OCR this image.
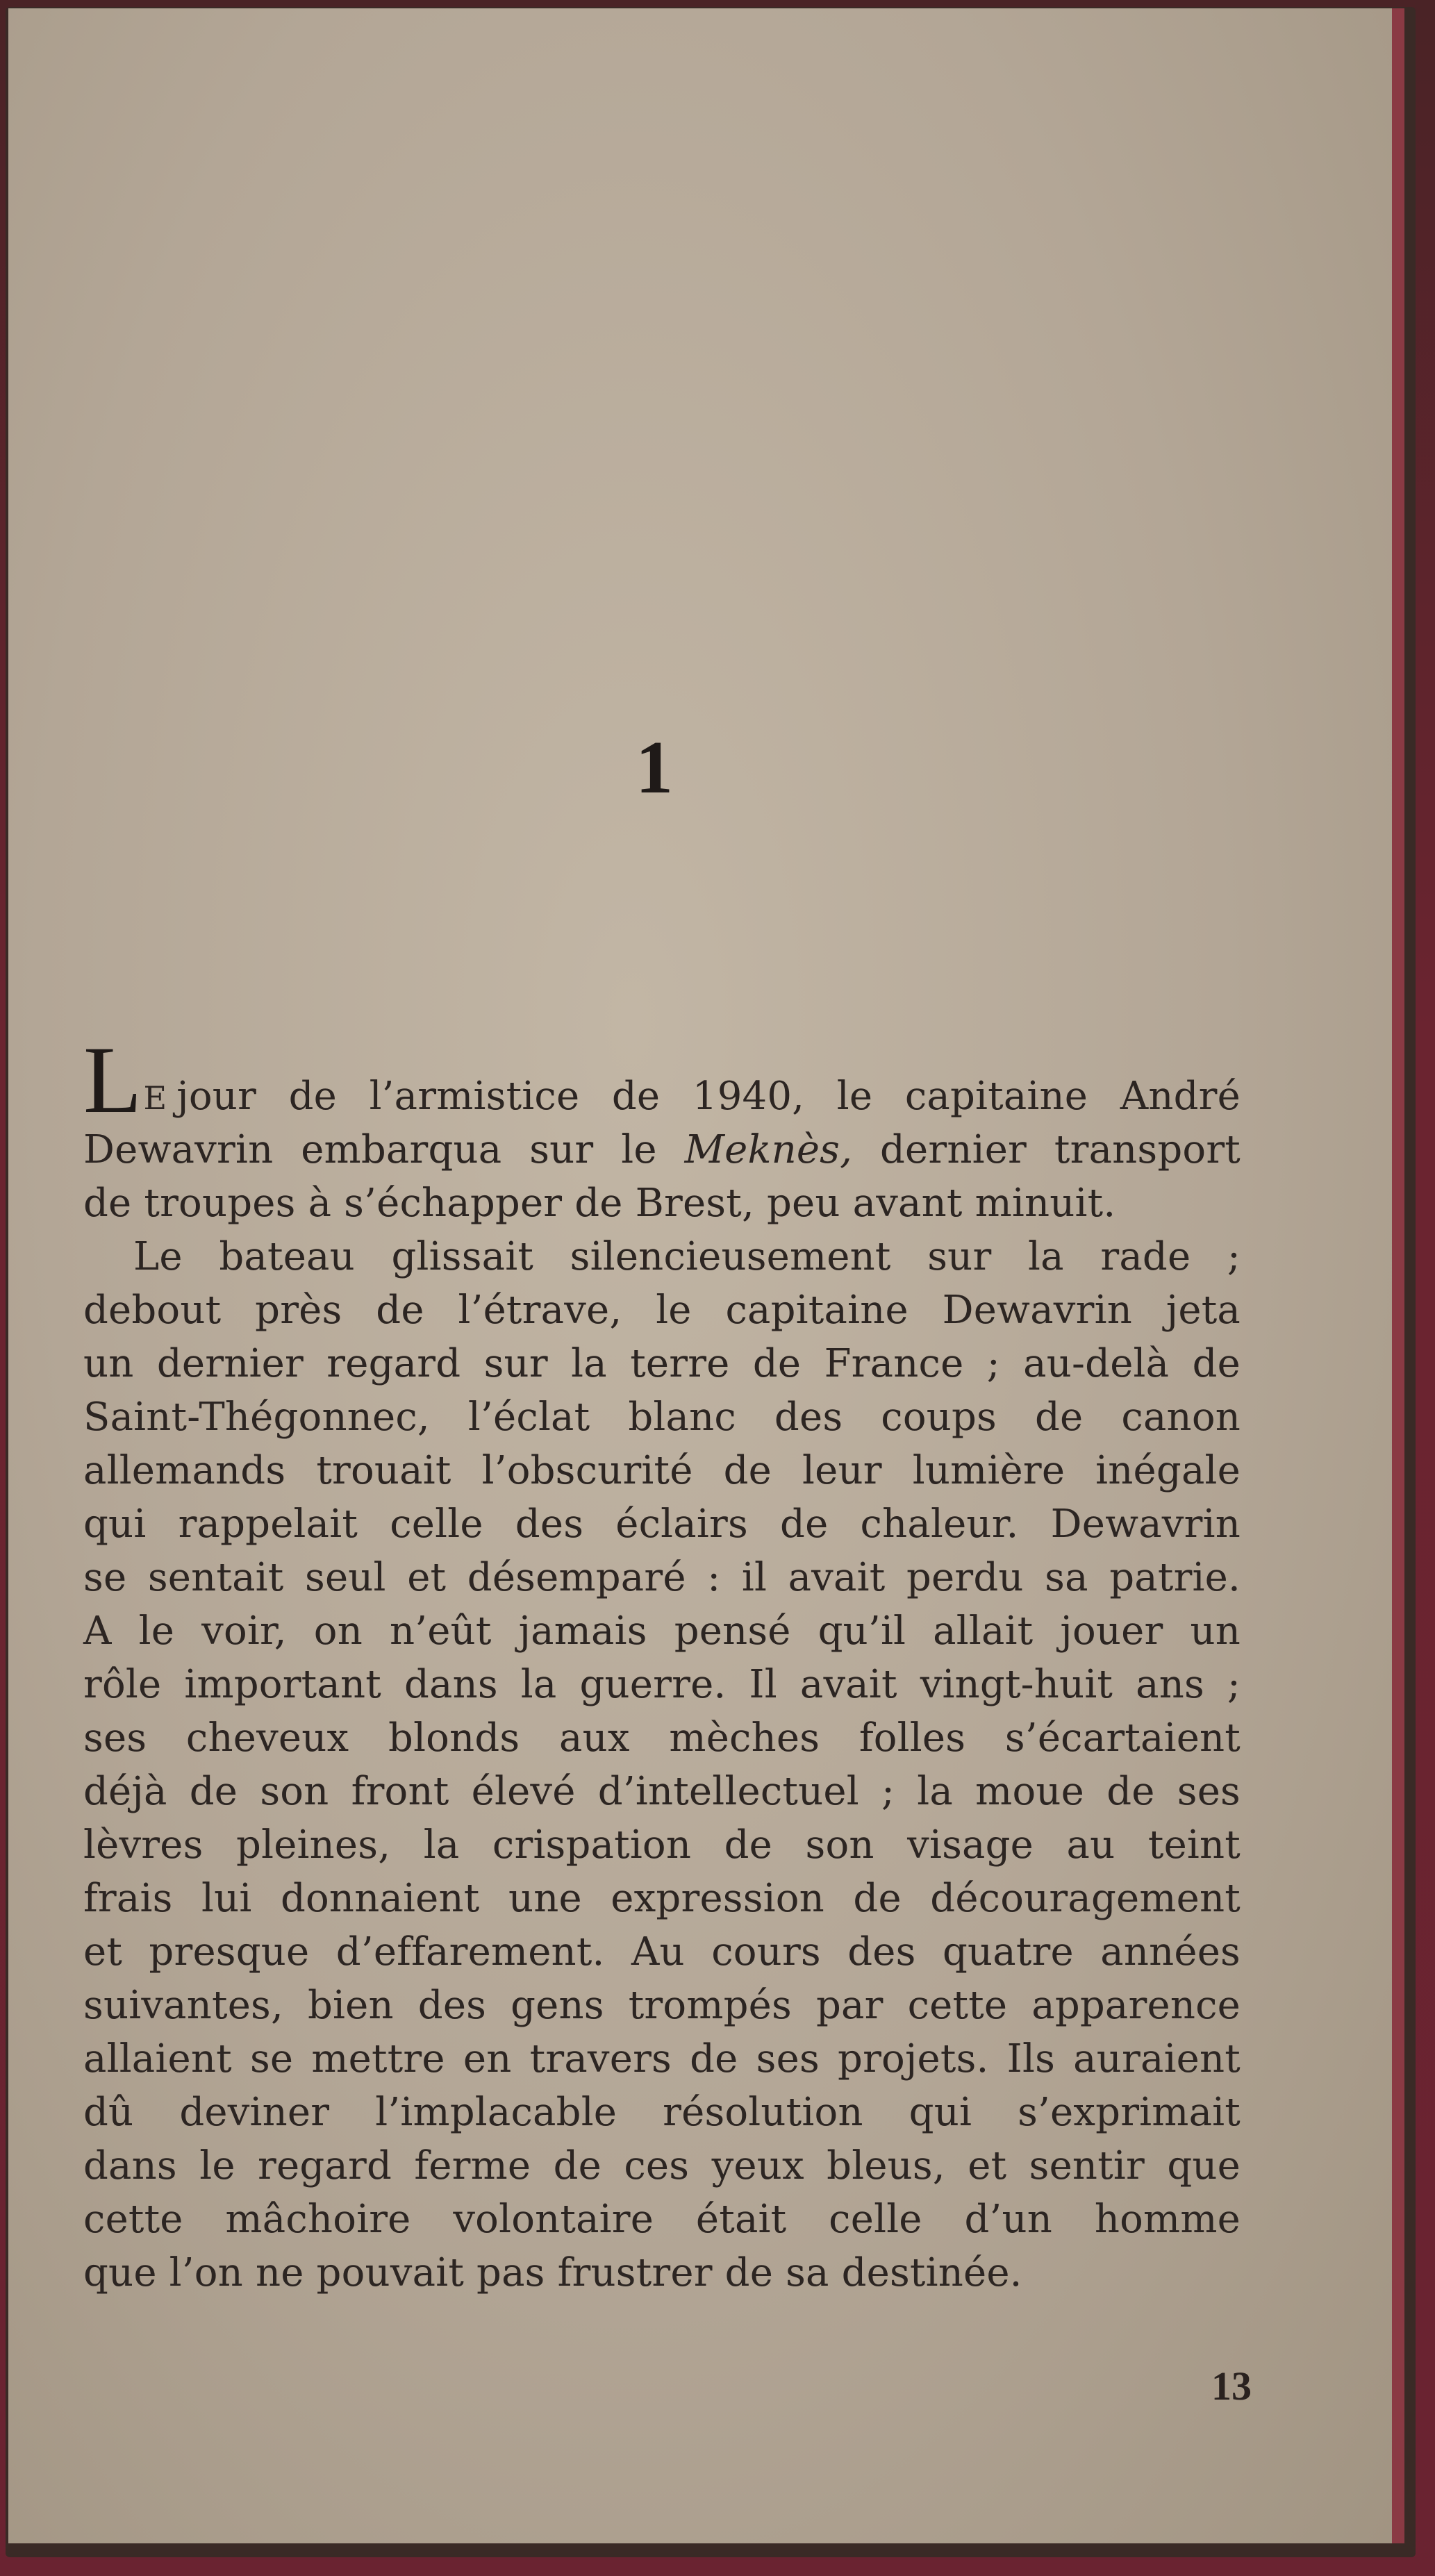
1
LE jour de l’armistice de 1940, le capitaine André
Dewavrin embarqua sur le Meknès, dernier transport
de troupes à s’échapper de Brest, peu avant minuit.
Le bateau glissait silencieusement sur la rade ;
debout près de l’étrave, le capitaine Dewavrin jeta
un dernier regard sur la terre de France ; au-delà de
Saint-Thégonnec, l’éclat blanc des coups de canon
allemands trouait l’obscurité de leur lumière inégale
qui rappelait celle des éclairs de chaleur. Dewavrin
se sentait seul et désemparé : il avait perdu sa patrie.
A le voir, on n’eût jamais pensé qu’il allait jouer un
rôle important dans la guerre. Il avait vingt-huit ans ;
ses cheveux blonds aux mèches folles s’écartaient
déjà de son front élevé d’intellectuel ; la moue de ses
lèvres pleines, la crispation de son visage au teint
frais lui donnaient une expression de découragement
et presque d’effarement. Au cours des quatre années
suivantes, bien des gens trompés par cette apparence
allaient se mettre en travers de ses projets. Ils auraient
dû deviner l’implacable résolution qui s’exprimait
dans le regard ferme de ces yeux bleus, et sentir que
cette mâchoire volontaire était celle d’un homme
que l’on ne pouvait pas frustrer de sa destinée.
13
